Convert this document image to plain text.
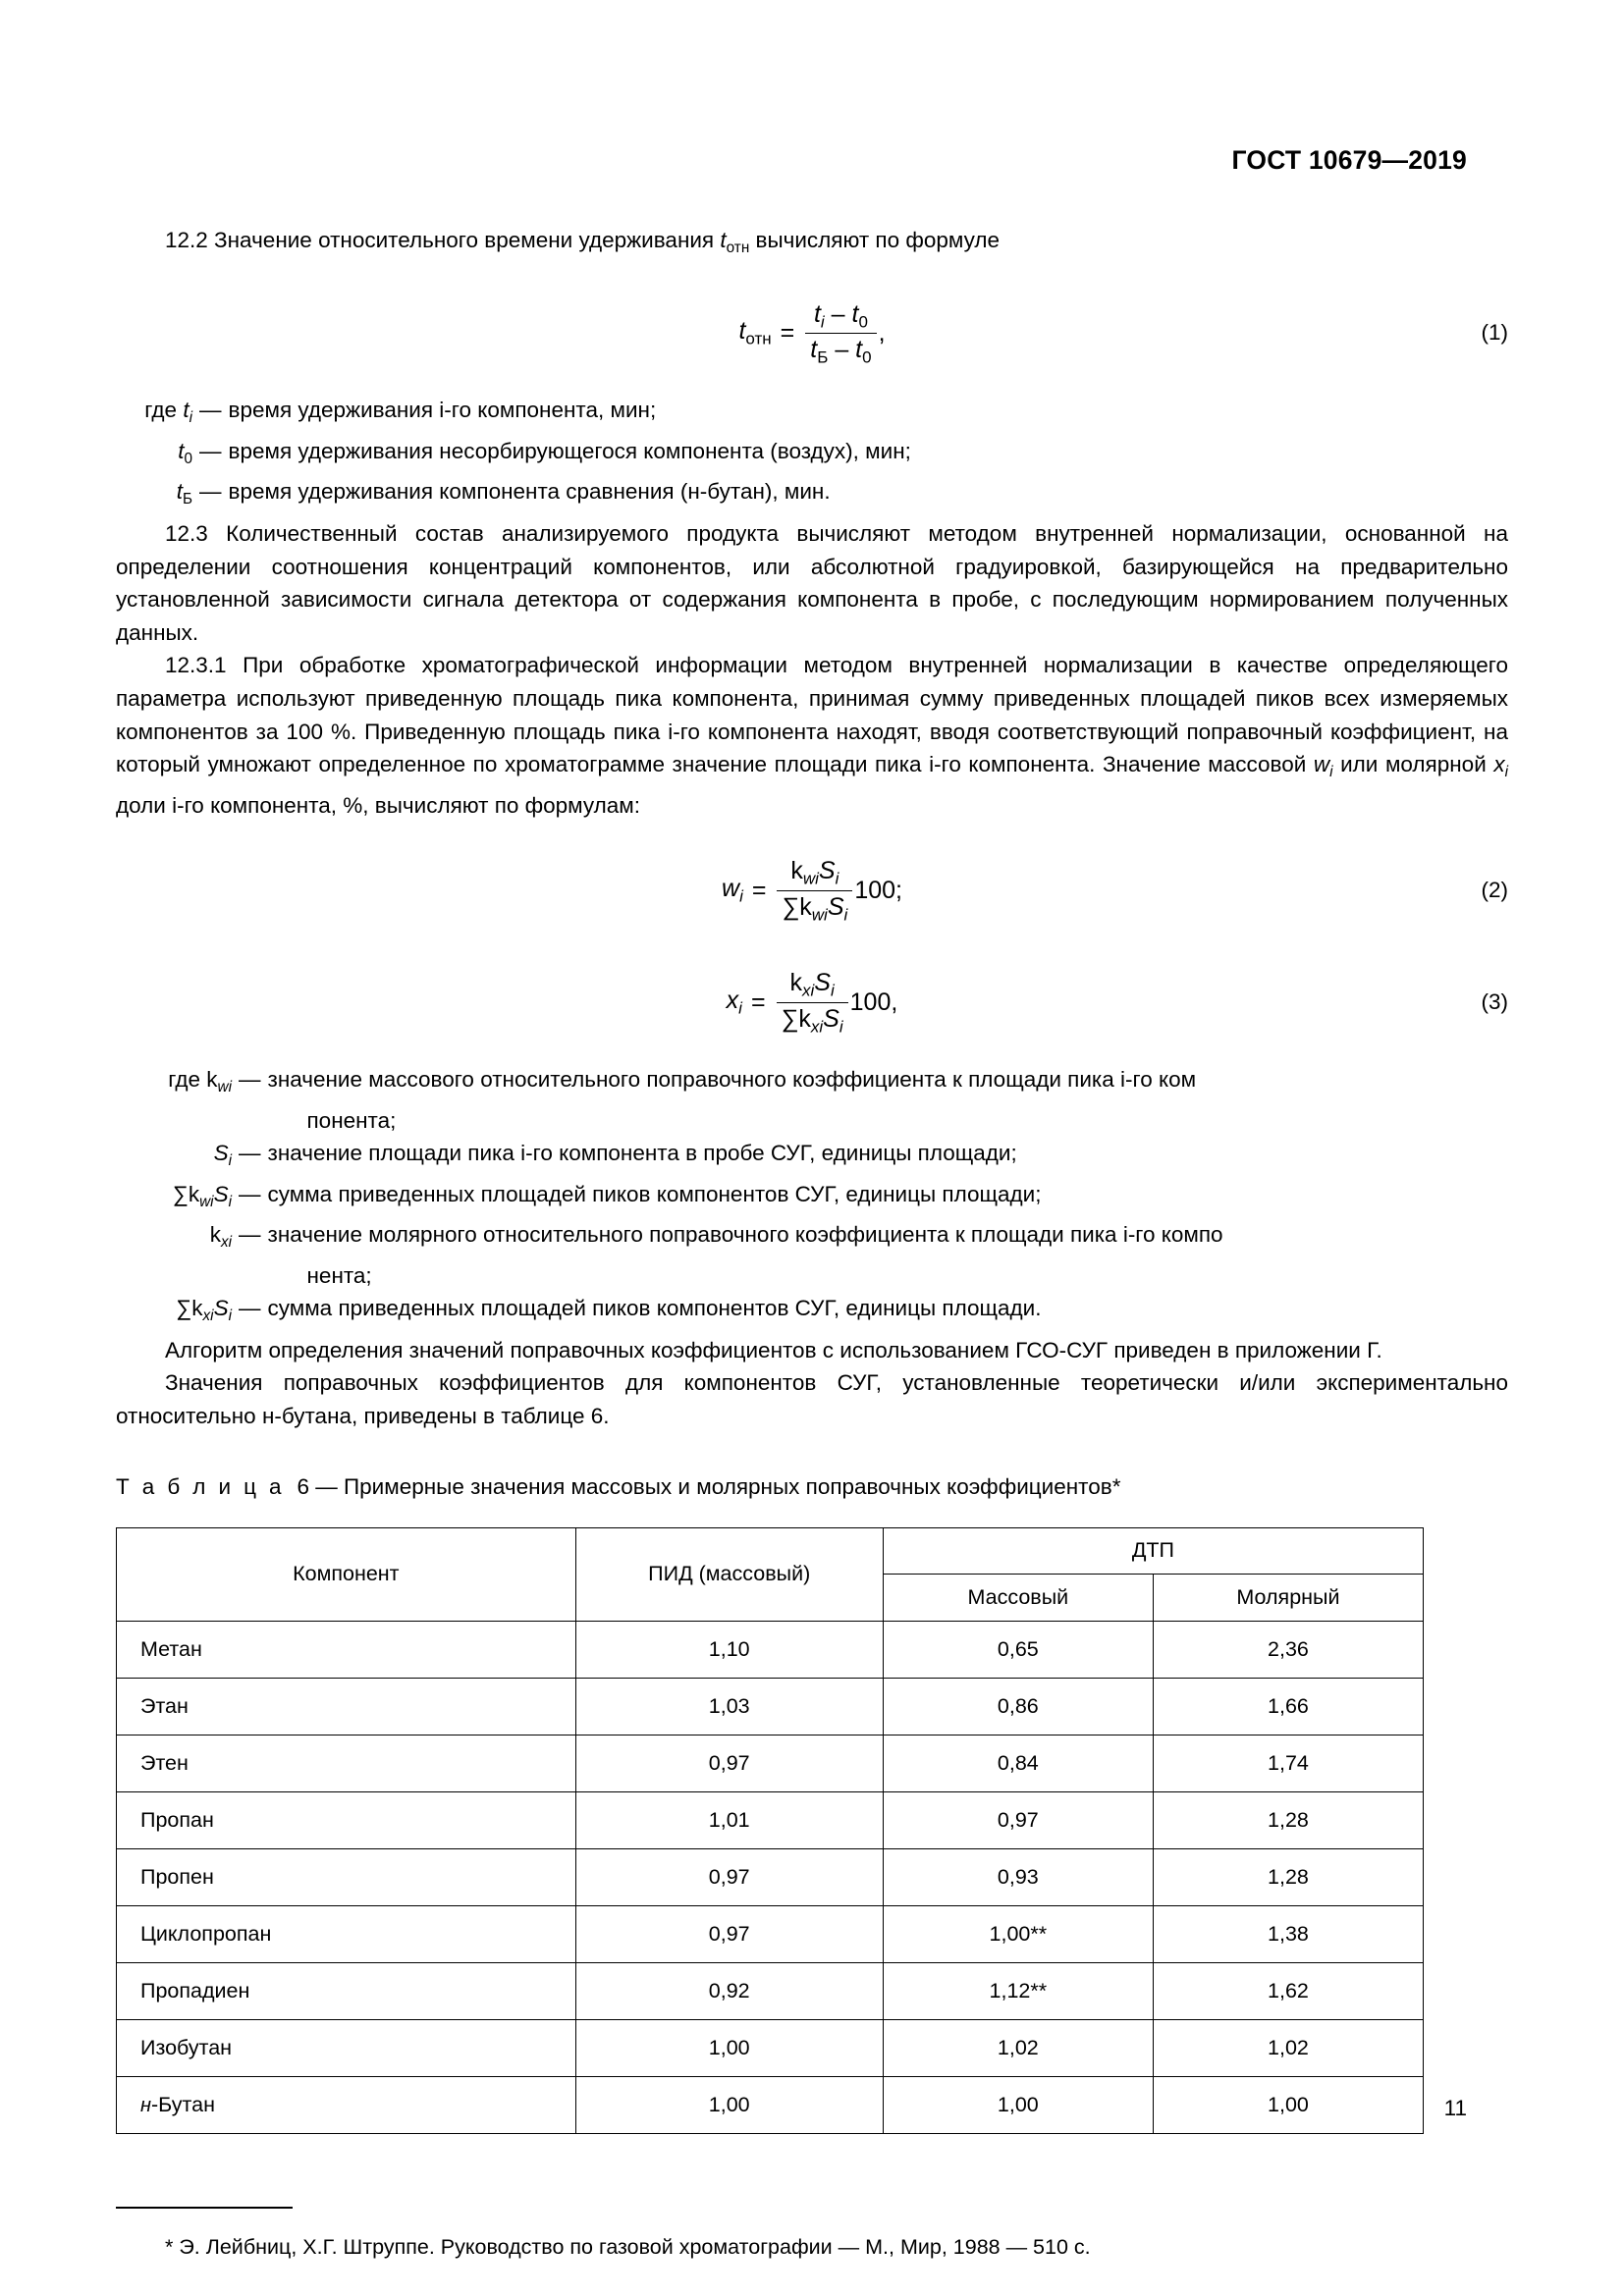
ГОСТ 10679—2019

12.2 Значение относительного времени удерживания $t_{отн}$ вычисляют по формуле

$t_{отн} = \frac{t_i - t_0}{t_Б - t_0}$ ,	(1)
где $t_i$ — время удерживания i-го компонента, мин;
$t_0$ — время удерживания несорбирующегося компонента (воздух), мин;
$t_Б$ — время удерживания компонента сравнения (н-бутан), мин.

12.3 Количественный состав анализируемого продукта вычисляют методом внутренней нормализации, основанной на определении соотношения концентраций компонентов, или абсолютной градуировкой, базирующейся на предварительно установленной зависимости сигнала детектора от содержания компонента в пробе, с последующим нормированием полученных данных.

12.3.1 При обработке хроматографической информации методом внутренней нормализации в качестве определяющего параметра используют приведенную площадь пика компонента, принимая сумму приведенных площадей пиков всех измеряемых компонентов за 100 %. Приведенную площадь пика i-го компонента находят, вводя соответствующий поправочный коэффициент, на который умножают определенное по хроматограмме значение площади пика i-го компонента. Значение массовой $w_i$ или молярной $x_i$ доли i-го компонента, %, вычисляют по формулам:

$w_i = \frac{k_{wi}S_i}{\sum k_{wi}S_i} 100$;	(2)
$x_i = \frac{k_{xi}S_i}{\sum k_{xi}S_i} 100$,	(3)
где $k_{wi}$ — значение массового относительного поправочного коэффициента к площади пика i-го ком
понента;
$S_i$ — значение площади пика i-го компонента в пробе СУГ, единицы площади;
$\sum k_{wi}S_i$ — сумма приведенных площадей пиков компонентов СУГ, единицы площади;
$k_{xi}$ — значение молярного относительного поправочного коэффициента к площади пика i-го компо
нента;
$\sum k_{xi}S_i$ — сумма приведенных площадей пиков компонентов СУГ, единицы площади.

Алгоритм определения значений поправочных коэффициентов с использованием ГСО-СУГ приведен в приложении Г.

Значения поправочных коэффициентов для компонентов СУГ, установленные теоретически и/или экспериментально относительно н-бутана, приведены в таблице 6.

Т а б л и ц а 6 — Примерные значения массовых и молярных поправочных коэффициентов*

Компонент	ПИД (массовый)	ДТП	
		Массовый	Молярный
Метан	1,10	0,65	2,36
Этан	1,03	0,86	1,66
Этен	0,97	0,84	1,74
Пропан	1,01	0,97	1,28
Пропен	0,97	0,93	1,28
Циклопропан	0,97	1,00**	1,38
Пропадиен	0,92	1,12**	1,62
Изобутан	1,00	1,02	1,02
н-Бутан	1,00	1,00	1,00

* Э. Лейбниц, Х.Г. Штруппе. Руководство по газовой хроматографии — М., Мир, 1988 — 510 с.

11
